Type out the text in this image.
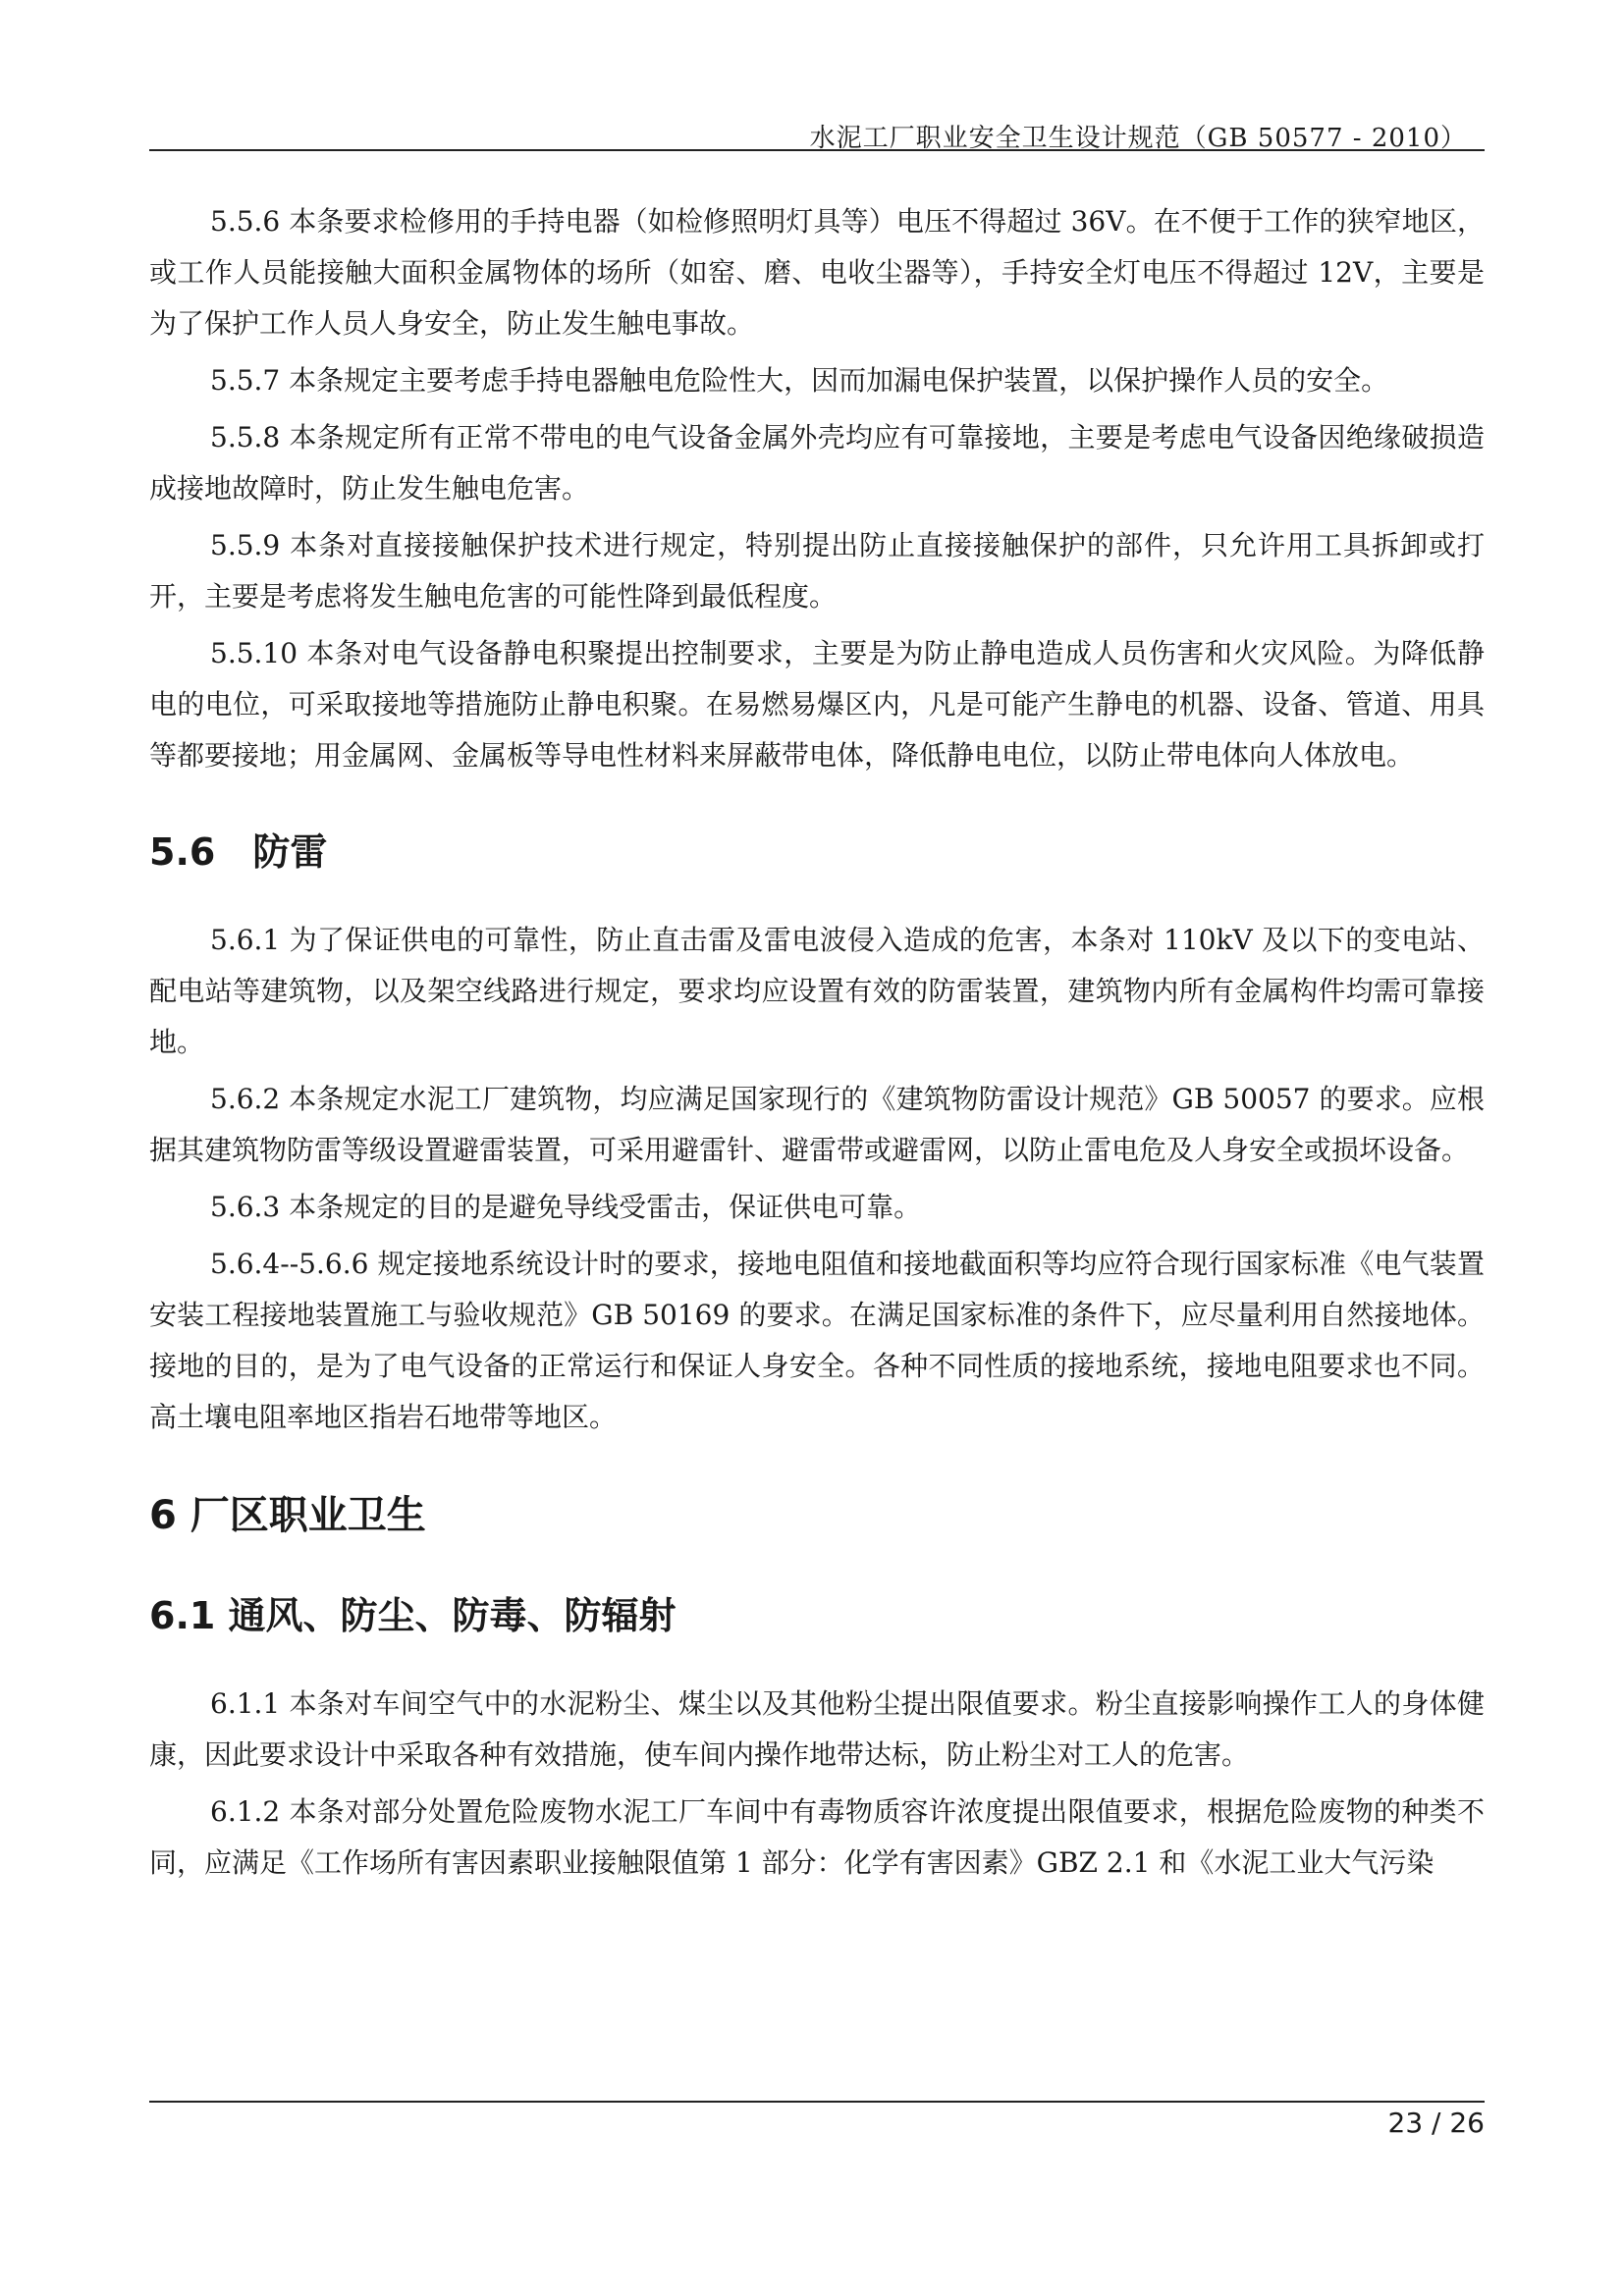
水泥工厂职业安全卫生设计规范（GB 50577 - 2010）

5.5.6 本条要求检修用的手持电器（如检修照明灯具等）电压不得超过 36V。在不便于工作的狭窄地区，或工作人员能接触大面积金属物体的场所（如窑、磨、电收尘器等），手持安全灯电压不得超过 12V，主要是为了保护工作人员人身安全，防止发生触电事故。

5.5.7 本条规定主要考虑手持电器触电危险性大，因而加漏电保护装置，以保护操作人员的安全。

5.5.8 本条规定所有正常不带电的电气设备金属外壳均应有可靠接地，主要是考虑电气设备因绝缘破损造成接地故障时，防止发生触电危害。

5.5.9 本条对直接接触保护技术进行规定，特别提出防止直接接触保护的部件，只允许用工具拆卸或打开，主要是考虑将发生触电危害的可能性降到最低程度。

5.5.10 本条对电气设备静电积聚提出控制要求，主要是为防止静电造成人员伤害和火灾风险。为降低静电的电位，可采取接地等措施防止静电积聚。在易燃易爆区内，凡是可能产生静电的机器、设备、管道、用具等都要接地；用金属网、金属板等导电性材料来屏蔽带电体，降低静电电位，以防止带电体向人体放电。

5.6　防雷

5.6.1 为了保证供电的可靠性，防止直击雷及雷电波侵入造成的危害，本条对 110kV 及以下的变电站、配电站等建筑物，以及架空线路进行规定，要求均应设置有效的防雷装置，建筑物内所有金属构件均需可靠接地。

5.6.2 本条规定水泥工厂建筑物，均应满足国家现行的《建筑物防雷设计规范》GB 50057 的要求。应根据其建筑物防雷等级设置避雷装置，可采用避雷针、避雷带或避雷网，以防止雷电危及人身安全或损坏设备。

5.6.3 本条规定的目的是避免导线受雷击，保证供电可靠。

5.6.4--5.6.6 规定接地系统设计时的要求，接地电阻值和接地截面积等均应符合现行国家标准《电气装置安装工程接地装置施工与验收规范》GB 50169 的要求。在满足国家标准的条件下，应尽量利用自然接地体。接地的目的，是为了电气设备的正常运行和保证人身安全。各种不同性质的接地系统，接地电阻要求也不同。高土壤电阻率地区指岩石地带等地区。

6 厂区职业卫生
6.1 通风、防尘、防毒、防辐射

6.1.1 本条对车间空气中的水泥粉尘、煤尘以及其他粉尘提出限值要求。粉尘直接影响操作工人的身体健康，因此要求设计中采取各种有效措施，使车间内操作地带达标，防止粉尘对工人的危害。

6.1.2 本条对部分处置危险废物水泥工厂车间中有毒物质容许浓度提出限值要求，根据危险废物的种类不同，应满足《工作场所有害因素职业接触限值第 1 部分：化学有害因素》GBZ 2.1 和《水泥工业大气污染

23 / 26
